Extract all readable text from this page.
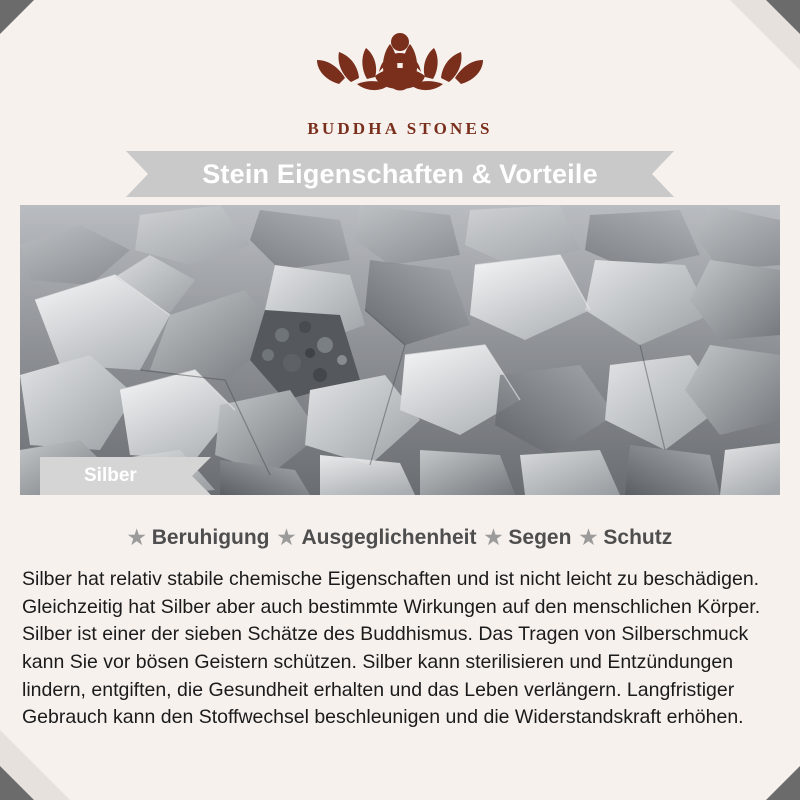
BUDDHA STONES
Stein Eigenschaften & Vorteile
Silber
★ Beruhigung ★ Ausgeglichenheit ★ Segen ★ Schutz
Silber hat relativ stabile chemische Eigenschaften und ist nicht leicht zu beschädigen. Gleichzeitig hat Silber aber auch bestimmte Wirkungen auf den menschlichen Körper. Silber ist einer der sieben Schätze des Buddhismus. Das Tragen von Silberschmuck kann Sie vor bösen Geistern schützen. Silber kann sterilisieren und Entzündungen lindern, entgiften, die Gesundheit erhalten und das Leben verlängern. Langfristiger Gebrauch kann den Stoffwechsel beschleunigen und die Widerstandskraft erhöhen.
